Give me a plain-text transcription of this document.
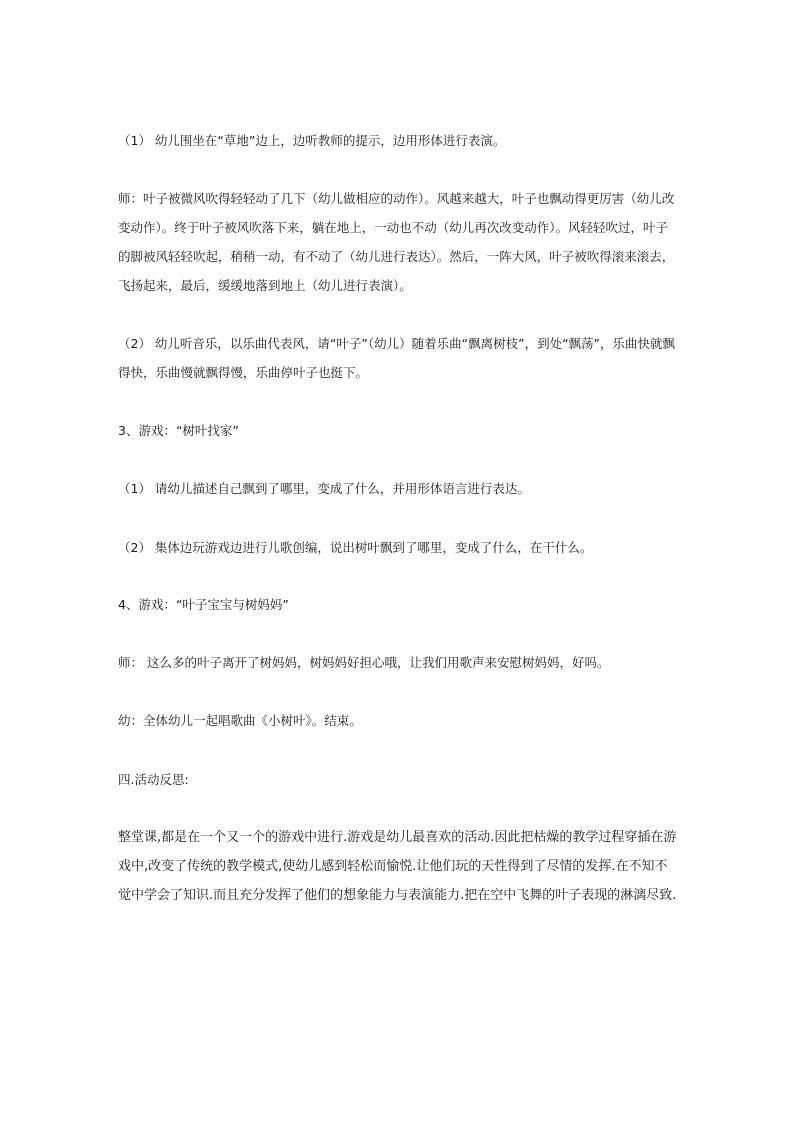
（1） 幼儿围坐在“草地”边上，边听教师的提示，边用形体进行表演。

师：叶子被微风吹得轻轻动了几下（幼儿做相应的动作）。风越来越大，叶子也飘动得更厉害（幼儿改变动作）。终于叶子被风吹落下来，躺在地上，一动也不动（幼儿再次改变动作）。风轻轻吹过，叶子的脚被风轻轻吹起，稍稍一动，有不动了（幼儿进行表达）。然后，一阵大风，叶子被吹得滚来滚去，飞扬起来，最后，缓缓地落到地上（幼儿进行表演）。

（2） 幼儿听音乐，以乐曲代表风，请“叶子”（幼儿）随着乐曲“飘离树枝”，到处“飘荡”，乐曲快就飘得快，乐曲慢就飘得慢，乐曲停叶子也挺下。

3、游戏：“树叶找家”

（1） 请幼儿描述自己飘到了哪里，变成了什么，并用形体语言进行表达。

（2） 集体边玩游戏边进行儿歌创编，说出树叶飘到了哪里，变成了什么，在干什么。

4、游戏：“叶子宝宝与树妈妈”

师： 这么多的叶子离开了树妈妈，树妈妈好担心哦，让我们用歌声来安慰树妈妈，好吗。

幼：全体幼儿一起唱歌曲《小树叶》。结束。

四.活动反思:

整堂课,都是在一个又一个的游戏中进行.游戏是幼儿最喜欢的活动.因此把枯燥的教学过程穿插在游戏中,改变了传统的教学模式,使幼儿感到轻松而愉悦.让他们玩的天性得到了尽情的发挥.在不知不觉中学会了知识.而且充分发挥了他们的想象能力与表演能力.把在空中飞舞的叶子表现的淋漓尽致.
